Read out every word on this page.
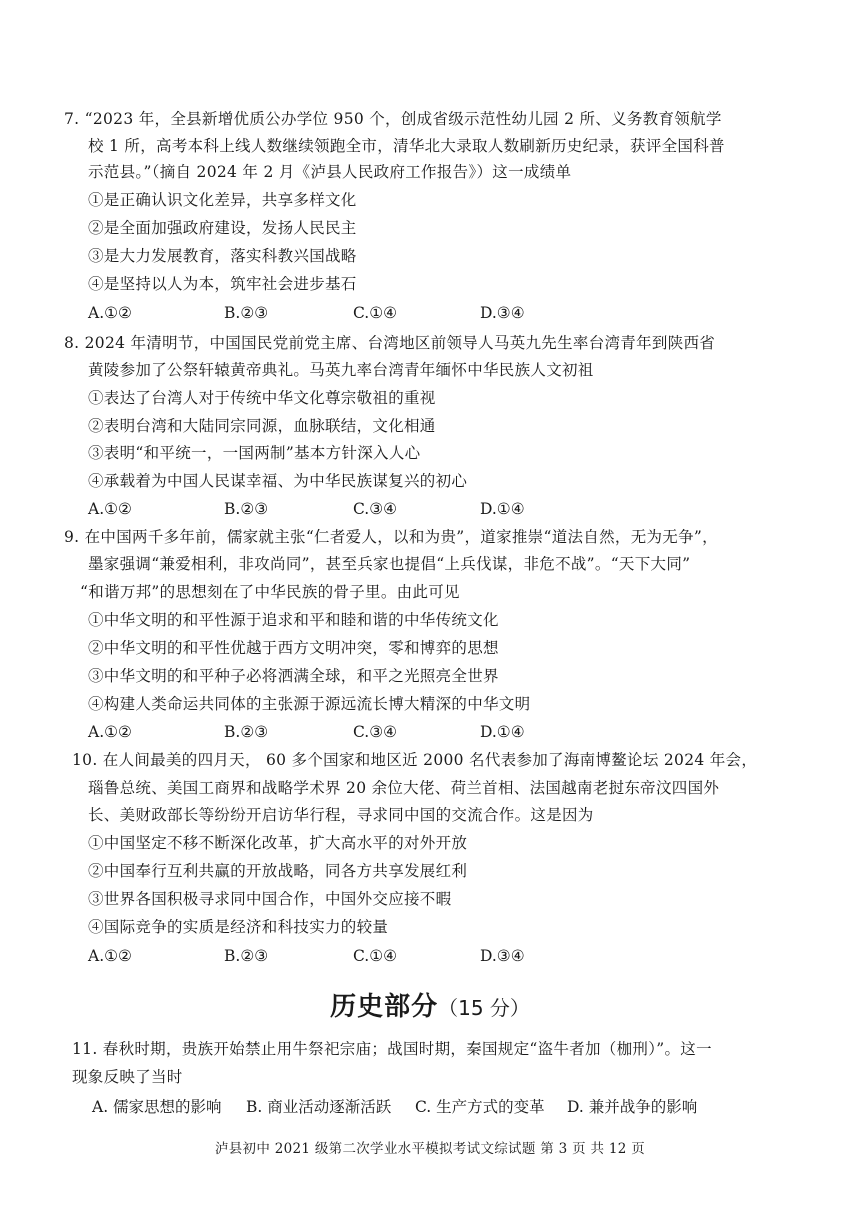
7. “2023 年，全县新增优质公办学位 950 个，创成省级示范性幼儿园 2 所、义务教育领航学
校 1 所，高考本科上线人数继续领跑全市，清华北大录取人数刷新历史纪录，获评全国科普
示范县。”（摘自 2024 年 2 月《泸县人民政府工作报告》）这一成绩单
①是正确认识文化差异，共享多样文化
②是全面加强政府建设，发扬人民民主
③是大力发展教育，落实科教兴国战略
④是坚持以人为本，筑牢社会进步基石
A.①②	B.②③	C.①④	D.③④
8. 2024 年清明节，中国国民党前党主席、台湾地区前领导人马英九先生率台湾青年到陕西省
黄陵参加了公祭轩辕黄帝典礼。马英九率台湾青年缅怀中华民族人文初祖
①表达了台湾人对于传统中华文化尊宗敬祖的重视
②表明台湾和大陆同宗同源，血脉联结，文化相通
③表明“和平统一，一国两制”基本方针深入人心
④承载着为中国人民谋幸福、为中华民族谋复兴的初心
A.①②	B.②③	C.③④	D.①④
9. 在中国两千多年前，儒家就主张“仁者爱人，以和为贵”，道家推崇“道法自然，无为无争”，
墨家强调“兼爱相利，非攻尚同”，甚至兵家也提倡“上兵伐谋，非危不战”。“天下大同”
“和谐万邦”的思想刻在了中华民族的骨子里。由此可见
①中华文明的和平性源于追求和平和睦和谐的中华传统文化
②中华文明的和平性优越于西方文明冲突，零和博弈的思想
③中华文明的和平种子必将洒满全球，和平之光照亮全世界
④构建人类命运共同体的主张源于源远流长博大精深的中华文明
A.①②	B.②③	C.③④	D.①④
10. 在人间最美的四月天， 60 多个国家和地区近 2000 名代表参加了海南博鳌论坛 2024 年会，
瑙鲁总统、美国工商界和战略学术界 20 余位大佬、荷兰首相、法国越南老挝东帝汶四国外
长、美财政部长等纷纷开启访华行程，寻求同中国的交流合作。这是因为
①中国坚定不移不断深化改革，扩大高水平的对外开放
②中国奉行互利共赢的开放战略，同各方共享发展红利
③世界各国积极寻求同中国合作，中国外交应接不暇
④国际竞争的实质是经济和科技实力的较量
A.①②	B.②③	C.①④	D.③④
历史部分（15 分）
11. 春秋时期，贵族开始禁止用牛祭祀宗庙；战国时期，秦国规定“盗牛者加（枷刑）”。这一
现象反映了当时
A. 儒家思想的影响 B. 商业活动逐渐活跃 C. 生产方式的变革 D. 兼并战争的影响
泸县初中 2021 级第二次学业水平模拟考试文综试题 第 3 页 共 12 页
